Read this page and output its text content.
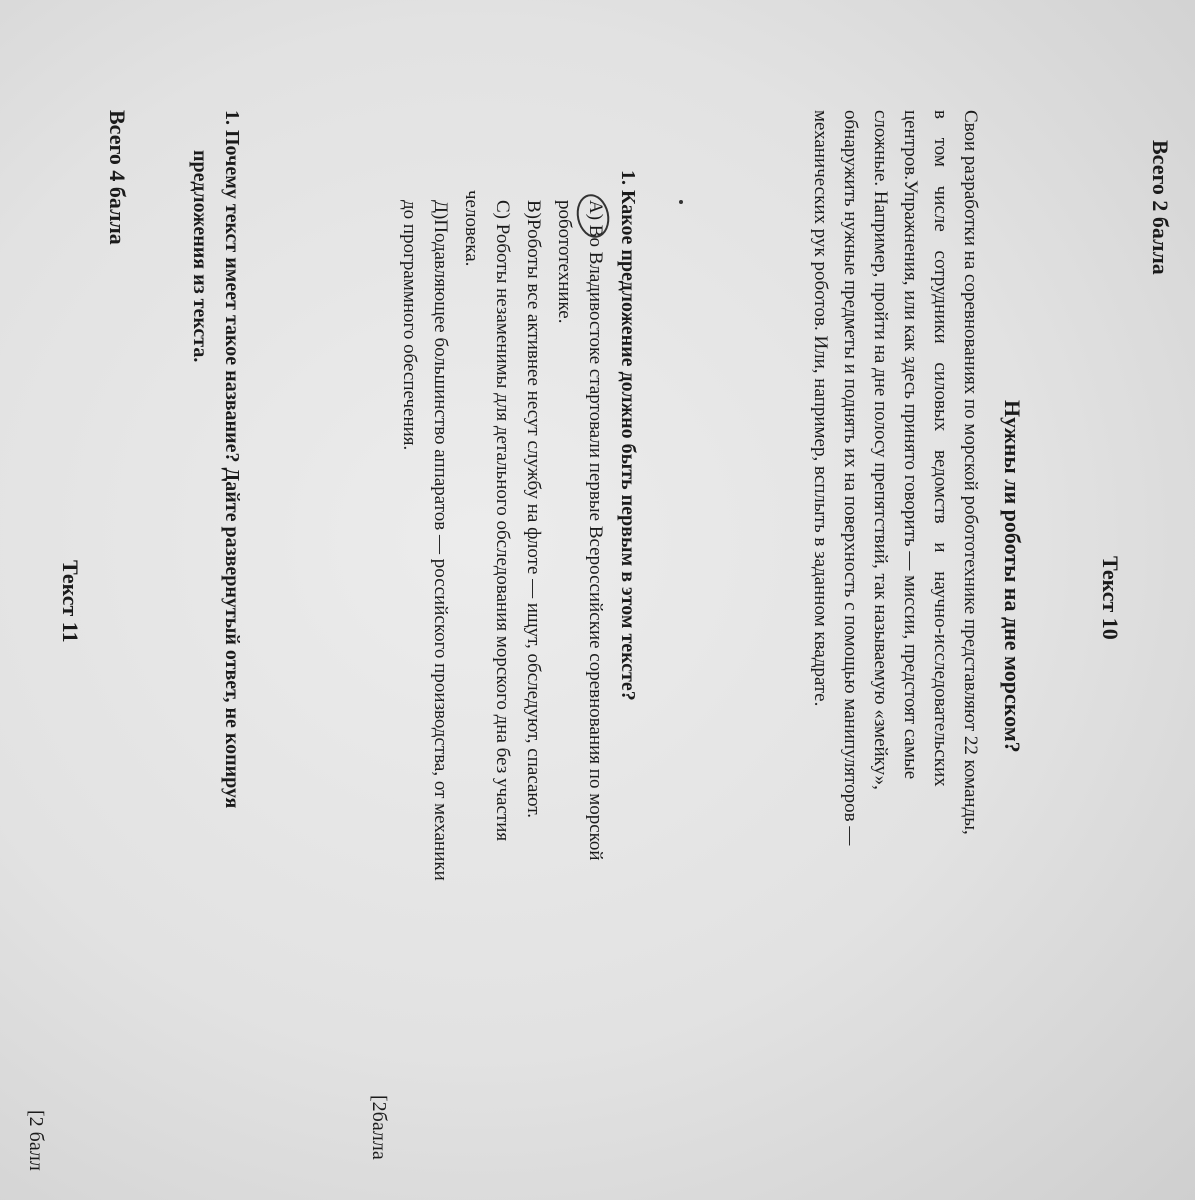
Всего 2 балла
Текст 10
Нужны ли роботы на дне морском?

Свои разработки на соревнованиях по морской робототехнике представляют 22 команды,

в том числе сотрудники силовых ведомств и научно-исследовательских

центров.Упражнения, или как здесь принято говорить — миссии, предстоят самые

сложные. Например, пройти на дне полосу препятствий, так называемую «змейку»,

обнаружить нужные предметы и поднять их на поверхность с помощью манипуляторов —

механических рук роботов. Или, например, всплыть в заданном квадрате.

1. Какое предложение должно быть первым в этом тексте?
А) Во Владивостоке стартовали первые Всероссийские соревнования по морской
робототехнике.
В)Роботы все активнее несут службу на флоте — ищут, обследуют, спасают.
С) Роботы незаменимы для детального обследования морского дна без участия
человека.
Д)Подавляющее большинство аппаратов — российского производства, от механики
до программного обеспечения.
[2балла
Текст 11	1. Почему текст имеет такое название? Дайте развернутый ответ, не копируя
предложения из текста.
[2 балл
Всего 4 балла
